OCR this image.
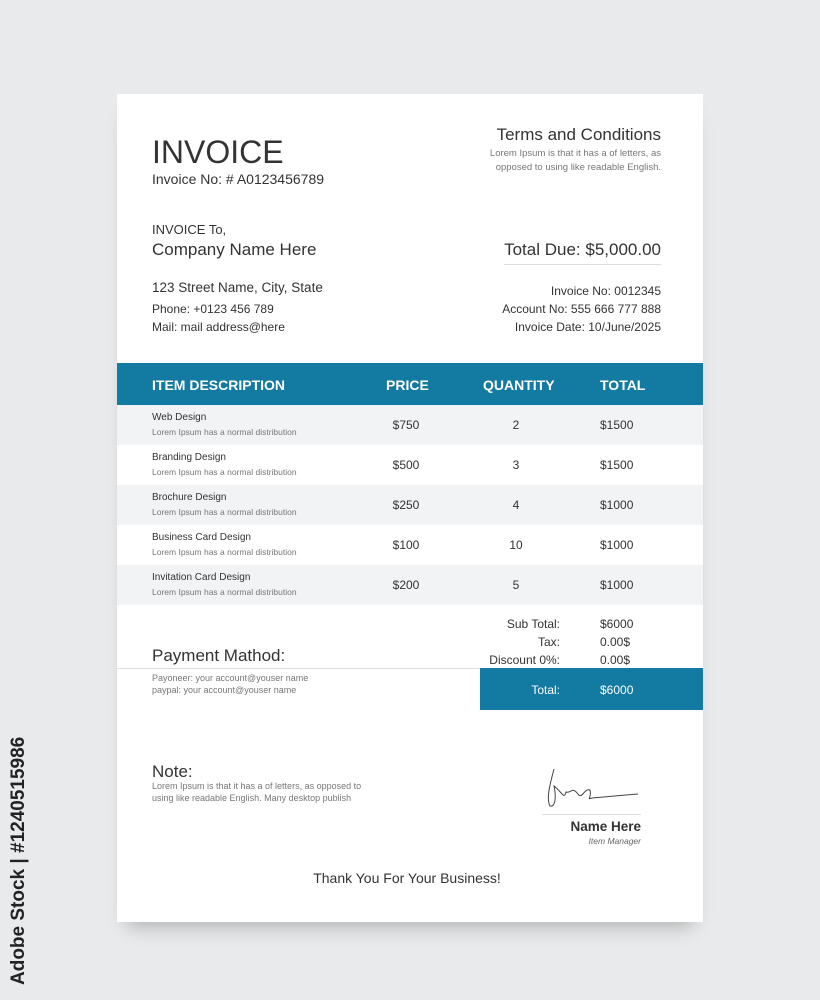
Adobe Stock | #1240515986
INVOICE
Invoice No: # A0123456789
Terms and Conditions
Lorem Ipsum is that it has a of letters, as
opposed to using like readable English.
INVOICE To,
Company Name Here
123 Street Name, City, State
Phone: +0123 456 789
Mail: mail address@here
Total Due: $5,000.00
Invoice No: 0012345
Account No: 555 666 777 888
Invoice Date: 10/June/2025
ITEM DESCRIPTION	PRICE	QUANTITY	TOTAL
Web Design
Lorem Ipsum has a normal distribution	$750	2	$1500
Branding Design
Lorem Ipsum has a normal distribution	$500	3	$1500
Brochure Design
Lorem Ipsum has a normal distribution	$250	4	$1000
Business Card Design
Lorem Ipsum has a normal distribution	$100	10	$1000
Invitation Card Design
Lorem Ipsum has a normal distribution	$200	5	$1000
Sub Total:	$6000
Tax:	0.00$
Discount 0%:	0.00$
Total:	$6000
Payment Mathod:
Payoneer: your account@youser name
paypal: your account@youser name
Note:
Lorem Ipsum is that it has a of letters, as opposed to
using like readable English. Many desktop publish
Name Here
Item Manager
Thank You For Your Business!
